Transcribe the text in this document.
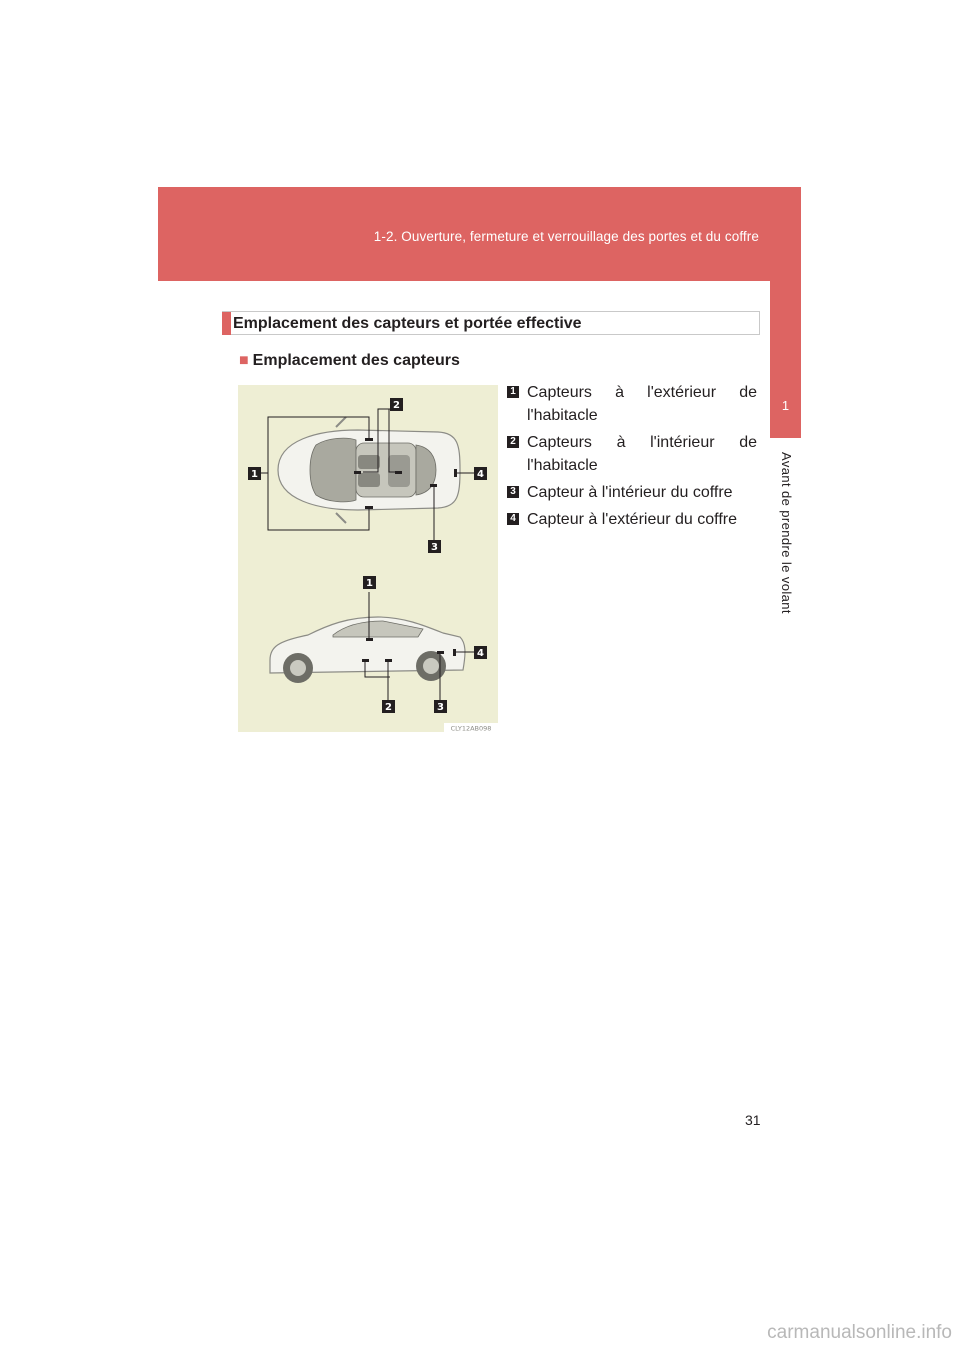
1-2. Ouverture, fermeture et verrouillage des portes et du coffre
1
Avant de prendre le volant
Emplacement des capteurs et portée effective
■ Emplacement des capteurs
2
1	4
3
1
4
2	3
CLY12AB098
1 Capteurs à l'extérieur de
l'habitacle
2 Capteurs à l'intérieur de
l'habitacle
3 Capteur à l'intérieur du coffre
4 Capteur à l'extérieur du coffre
31
carmanualsonline.info
